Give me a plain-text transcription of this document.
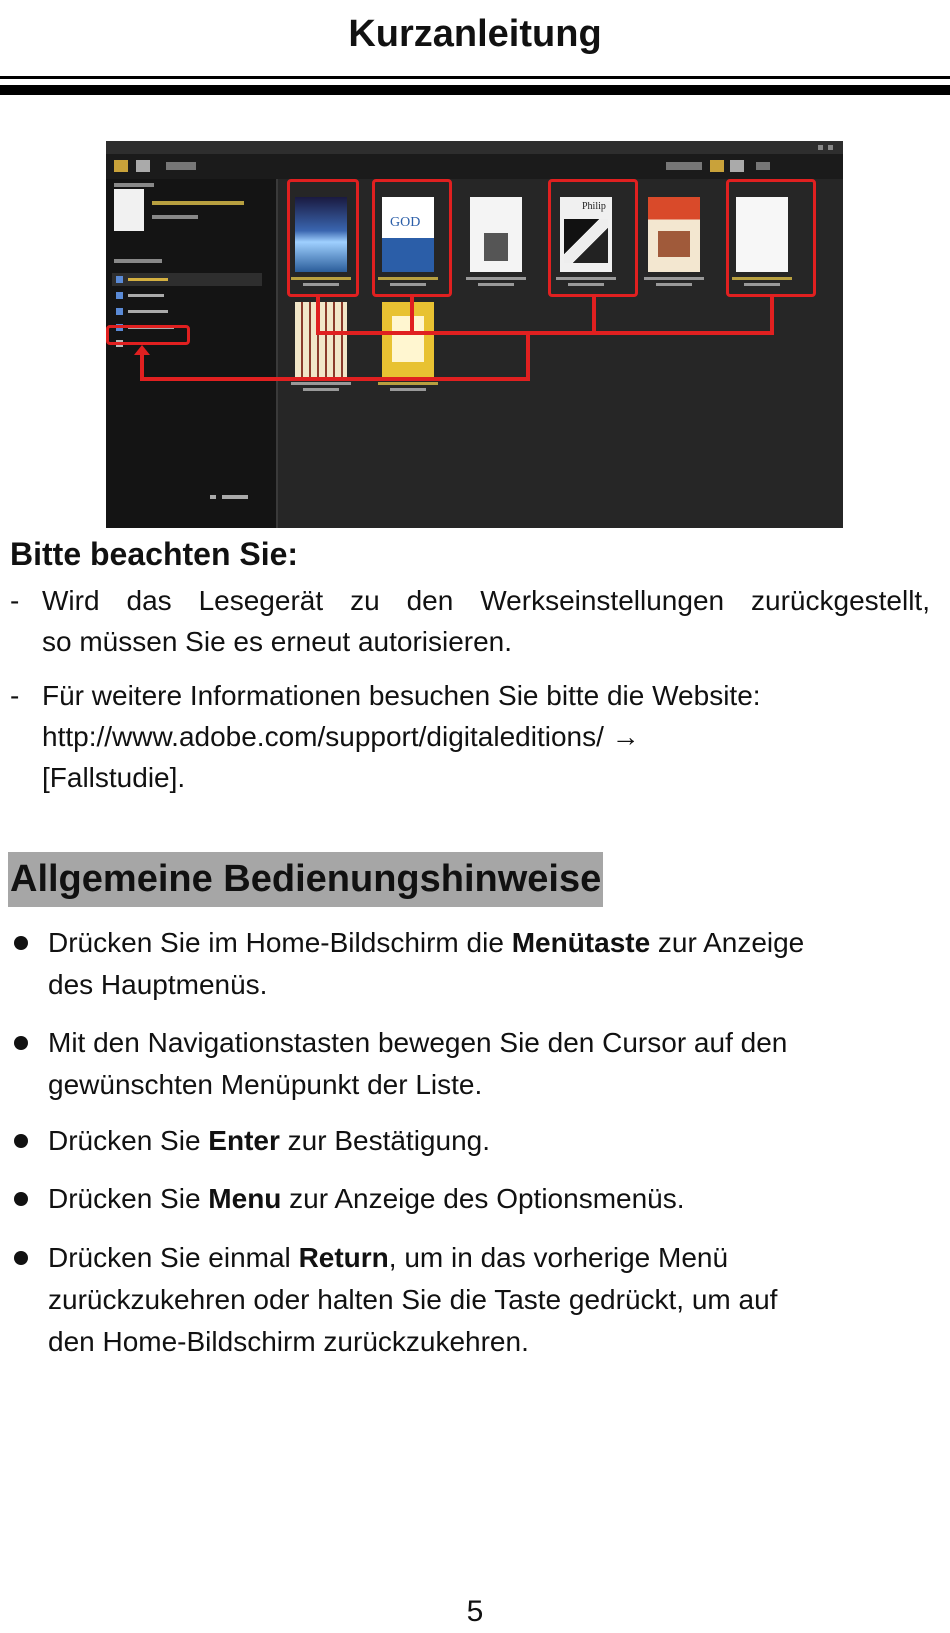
Kurzanleitung
GOD
Philip
Bitte beachten Sie:
- Wird das Lesegerät zu den Werkseinstellungen zurückgestellt,
so müssen Sie es erneut autorisieren.
- Für weitere Informationen besuchen Sie bitte die Website:
http://www.adobe.com/support/digitaleditions/ →
[Fallstudie].
Allgemeine Bedienungshinweise
Drücken Sie im Home-Bildschirm die Menütaste zur Anzeige
des Hauptmenüs.
Mit den Navigationstasten bewegen Sie den Cursor auf den
gewünschten Menüpunkt der Liste.
Drücken Sie Enter zur Bestätigung.
Drücken Sie Menu zur Anzeige des Optionsmenüs.
Drücken Sie einmal Return, um in das vorherige Menü
zurückzukehren oder halten Sie die Taste gedrückt, um auf
den Home-Bildschirm zurückzukehren.
5
